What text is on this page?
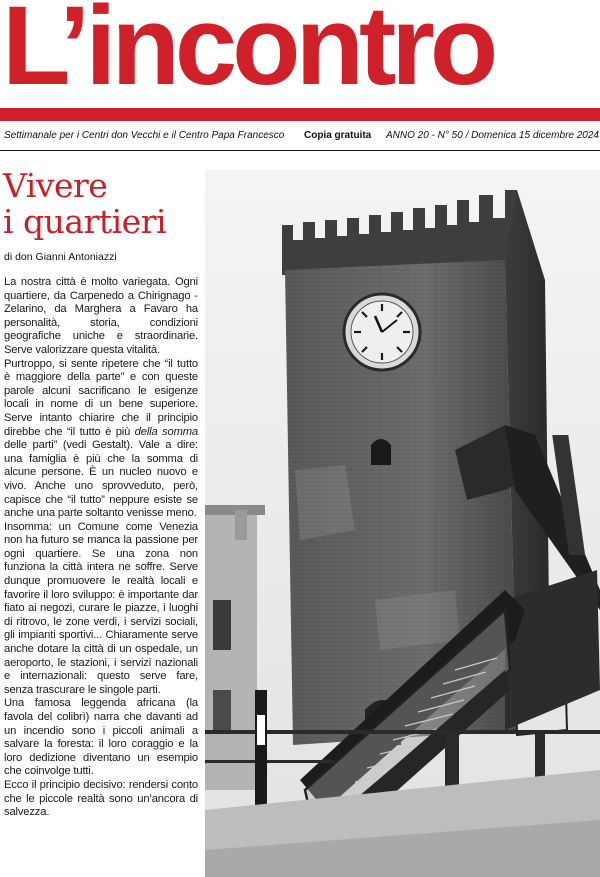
L’incontro
Settimanale per i Centri don Vecchi e il Centro Papa Francesco Copia gratuita ANNO 20 - N° 50 / Domenica 15 dicembre 2024
Vivere
i quartieri
di don Gianni Antoniazzi

La nostra città è molto variegata. Ogni quartiere, da Carpenedo a Chirignago - Zelarino, da Marghera a Favaro ha personalità, storia, condizioni geografiche uniche e straordinarie. Serve valorizzare questa vitalità.

Purtroppo, si sente ripetere che “il tutto è maggiore della parte” e con queste parole alcuni sacrificano le esigenze locali in nome di un bene superiore. Serve intanto chiarire che il principio direbbe che “il tutto è più della somma delle parti” (vedi Gestalt). Vale a dire: una famiglia è più che la somma di alcune persone. È un nucleo nuovo e vivo. Anche uno sprovveduto, però, capisce che “il tutto” neppure esiste se anche una parte soltanto venisse meno.

Insomma: un Comune come Venezia non ha futuro se manca la passione per ogni quartiere. Se una zona non funziona la città intera ne soffre. Serve dunque promuovere le realtà locali e favorire il loro sviluppo: è importante dar fiato ai negozi, curare le piazze, i luoghi di ritrovo, le zone verdi, i servizi sociali, gli impianti sportivi... Chiaramente serve anche dotare la città di un ospedale, un aeroporto, le stazioni, i servizi nazionali e internazionali: questo serve fare, senza trascurare le singole parti.

Una famosa leggenda africana (la favola del colibrì) narra che davanti ad un incendio sono i piccoli animali a salvare la foresta: il loro coraggio e la loro dedizione diventano un esempio che coinvolge tutti.

Ecco il principio decisivo: rendersi conto che le piccole realtà sono un’ancora di salvezza.
